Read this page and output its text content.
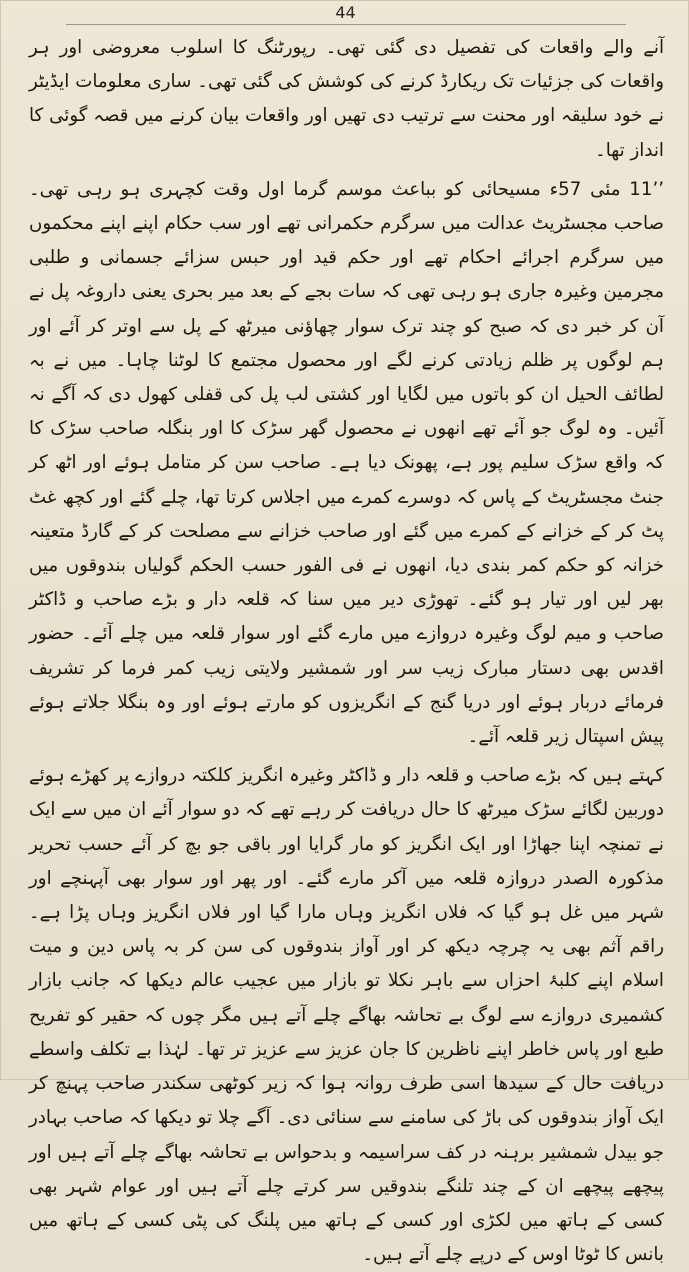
44

آنے والے واقعات کی تفصیل دی گئی تھی۔ رپورٹنگ کا اسلوب معروضی اور ہر واقعات کی جزئیات تک ریکارڈ کرنے کی کوشش کی گئی تھی۔ ساری معلومات ایڈیٹر نے خود سلیقہ اور محنت سے ترتیب دی تھیں اور واقعات بیان کرنے میں قصہ گوئی کا انداز تھا۔

’’11 مئی 57ء مسیحائی کو بباعث موسم گرما اول وقت کچہری ہو رہی تھی۔ صاحب مجسٹریٹ عدالت میں سرگرم حکمرانی تھے اور سب حکام اپنے اپنے محکموں میں سرگرم اجرائے احکام تھے اور حکم قید اور حبس سزائے جسمانی و طلبی مجرمین وغیرہ جاری ہو رہی تھی کہ سات بجے کے بعد میر بحری یعنی داروغہ پل نے آن کر خبر دی کہ صبح کو چند ترک سوار چھاؤنی میرٹھ کے پل سے اوتر کر آئے اور ہم لوگوں پر ظلم زیادتی کرنے لگے اور محصول مجتمع کا لوٹنا چاہا۔ میں نے بہ لطائف الحیل ان کو باتوں میں لگایا اور کشتی لب پل کی قفلی کھول دی کہ آگے نہ آئیں۔ وہ لوگ جو آئے تھے انھوں نے محصول گھر سڑک کا اور بنگلہ صاحب سڑک کا کہ واقع سڑک سلیم پور ہے، پھونک دیا ہے۔ صاحب سن کر متامل ہوئے اور اٹھ کر جنٹ مجسٹریٹ کے پاس کہ دوسرے کمرے میں اجلاس کرتا تھا، چلے گئے اور کچھ غٹ پٹ کر کے خزانے کے کمرے میں گئے اور صاحب خزانے سے مصلحت کر کے گارڈ متعینہ خزانہ کو حکم کمر بندی دیا، انھوں نے فی الفور حسب الحکم گولیاں بندوقوں میں بھر لیں اور تیار ہو گئے۔ تھوڑی دیر میں سنا کہ قلعہ دار و بڑے صاحب و ڈاکٹر صاحب و میم لوگ وغیرہ دروازے میں مارے گئے اور سوار قلعہ میں چلے آئے۔ حضور اقدس بھی دستار مبارک زیب سر اور شمشیر ولایتی زیب کمر فرما کر تشریف فرمائے دربار ہوئے اور دریا گنج کے انگریزوں کو مارتے ہوئے اور وہ بنگلا جلاتے ہوئے پیش اسپتال زیر قلعہ آئے۔

کہتے ہیں کہ بڑے صاحب و قلعہ دار و ڈاکٹر وغیرہ انگریز کلکتہ دروازے پر کھڑے ہوئے دوربین لگائے سڑک میرٹھ کا حال دریافت کر رہے تھے کہ دو سوار آئے ان میں سے ایک نے تمنچہ اپنا جھاڑا اور ایک انگریز کو مار گرایا اور باقی جو بچ کر آئے حسب تحریر مذکورہ الصدر دروازہ قلعہ میں آکر مارے گئے۔ اور پھر اور سوار بھی آپہنچے اور شہر میں غل ہو گیا کہ فلاں انگریز وہاں مارا گیا اور فلاں انگریز وہاں پڑا ہے۔ راقم آثم بھی یہ چرچہ دیکھ کر اور آواز بندوقوں کی سن کر بہ پاس دین و میت اسلام اپنے کلبۂ احزاں سے باہر نکلا تو بازار میں عجیب عالم دیکھا کہ جانب بازار کشمیری دروازے سے لوگ بے تحاشہ بھاگے چلے آتے ہیں مگر چوں کہ حقیر کو تفریح طبع اور پاس خاطر اپنے ناظرین کا جان عزیز سے عزیز تر تھا۔ لہٰذا بے تکلف واسطے دریافت حال کے سیدھا اسی طرف روانہ ہوا کہ زیر کوٹھی سکندر صاحب پہنچ کر ایک آواز بندوقوں کی باڑ کی سامنے سے سنائی دی۔ آگے چلا تو دیکھا کہ صاحب بہادر جو بیدل شمشیر برہنہ در کف سراسیمہ و بدحواس بے تحاشہ بھاگے چلے آتے ہیں اور پیچھے پیچھے ان کے چند تلنگے بندوقیں سر کرتے چلے آتے ہیں اور عوام شہر بھی کسی کے ہاتھ میں لکڑی اور کسی کے ہاتھ میں پلنگ کی پٹی کسی کے ہاتھ میں بانس کا ٹوٹا اوس کے درپے چلے آتے ہیں۔
